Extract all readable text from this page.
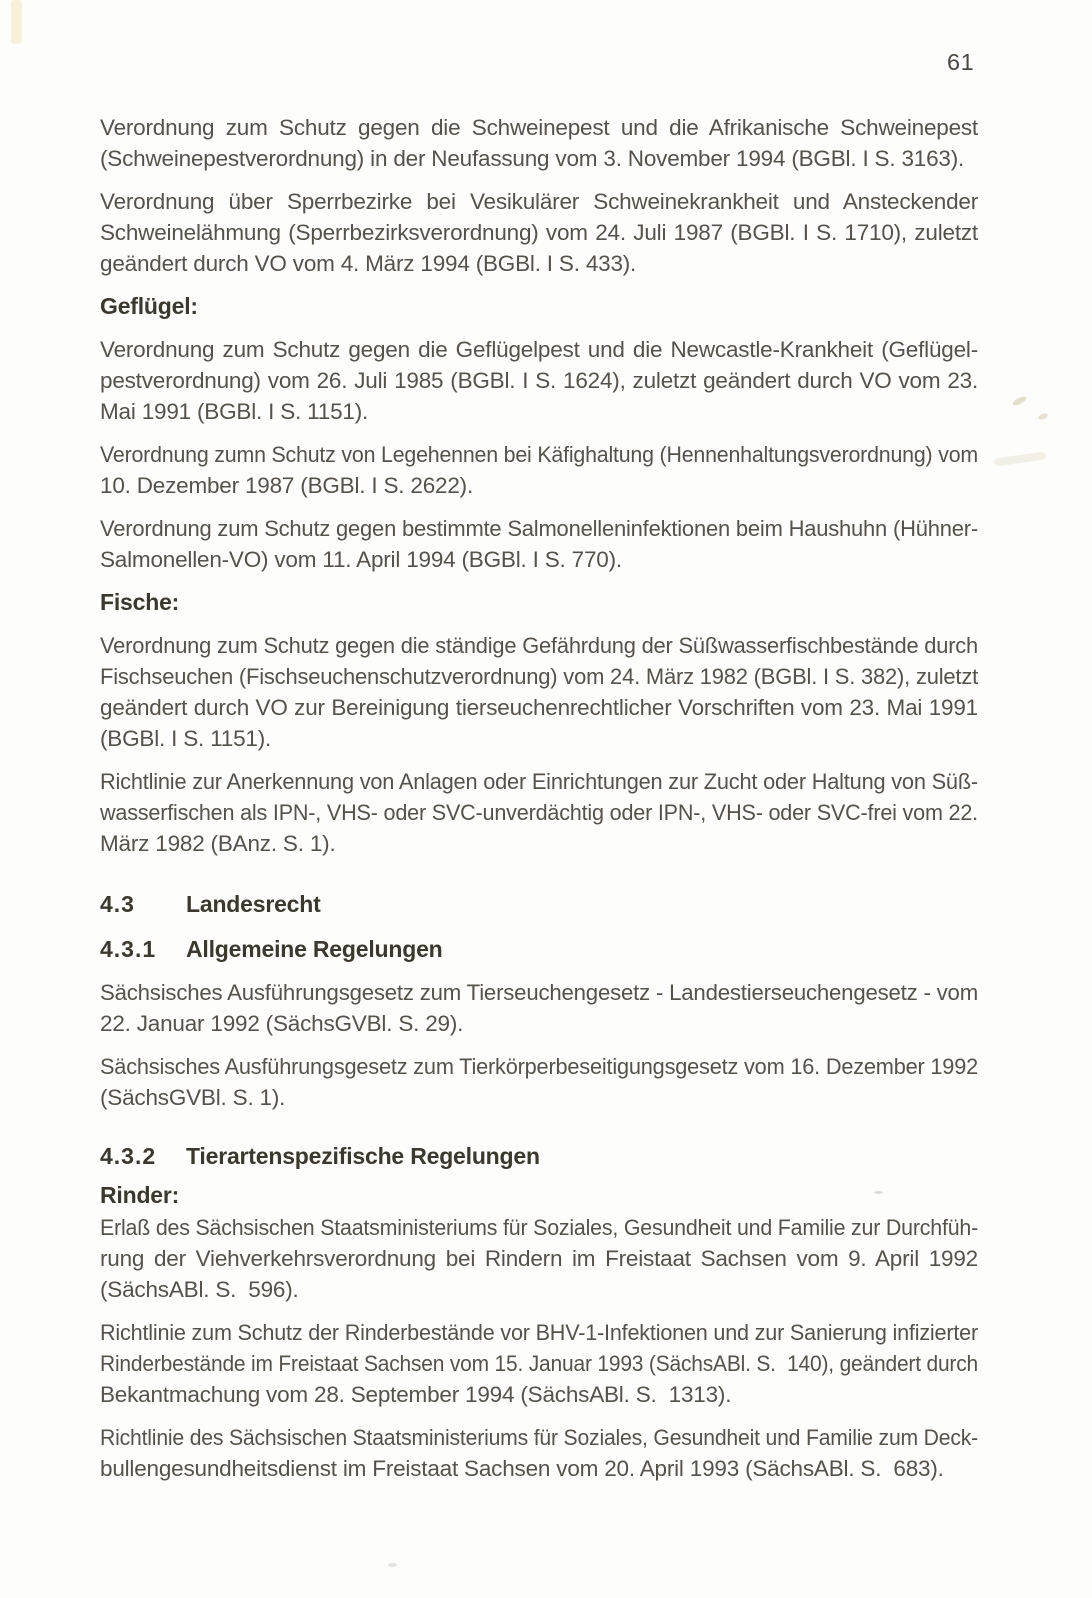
61
Verordnung zum Schutz gegen die Schweinepest und die Afrikanische Schweinepest
(Schweinepestverordnung) in der Neufassung vom 3. November 1994 (BGBl. I S. 3163).
Verordnung über Sperrbezirke bei Vesikulärer Schweinekrankheit und Ansteckender
Schweinelähmung (Sperrbezirksverordnung) vom 24. Juli 1987 (BGBl. I S. 1710), zuletzt
geändert durch VO vom 4. März 1994 (BGBl. I S. 433).
Geflügel:
Verordnung zum Schutz gegen die Geflügelpest und die Newcastle-Krankheit (Geflügel-
pestverordnung) vom 26. Juli 1985 (BGBl. I S. 1624), zuletzt geändert durch VO vom 23.
Mai 1991 (BGBl. I S. 1151).
Verordnung zumn Schutz von Legehennen bei Käfighaltung (Hennenhaltungsverordnung) vom
10. Dezember 1987 (BGBl. I S. 2622).
Verordnung zum Schutz gegen bestimmte Salmonelleninfektionen beim Haushuhn (Hühner-
Salmonellen-VO) vom 11. April 1994 (BGBl. I S. 770).
Fische:
Verordnung zum Schutz gegen die ständige Gefährdung der Süßwasserfischbestände durch
Fischseuchen (Fischseuchenschutzverordnung) vom 24. März 1982 (BGBl. I S. 382), zuletzt
geändert durch VO zur Bereinigung tierseuchenrechtlicher Vorschriften vom 23. Mai 1991
(BGBl. I S. 1151).
Richtlinie zur Anerkennung von Anlagen oder Einrichtungen zur Zucht oder Haltung von Süß-
wasserfischen als IPN-, VHS- oder SVC-unverdächtig oder IPN-, VHS- oder SVC-frei vom 22.
März 1982 (BAnz. S. 1).
4.3 Landesrecht
4.3.1 Allgemeine Regelungen
Sächsisches Ausführungsgesetz zum Tierseuchengesetz - Landestierseuchengesetz - vom
22. Januar 1992 (SächsGVBl. S. 29).
Sächsisches Ausführungsgesetz zum Tierkörperbeseitigungsgesetz vom 16. Dezember 1992
(SächsGVBl. S. 1).
4.3.2 Tierartenspezifische Regelungen
Rinder:
Erlaß des Sächsischen Staatsministeriums für Soziales, Gesundheit und Familie zur Durchfüh-
rung der Viehverkehrsverordnung bei Rindern im Freistaat Sachsen vom 9. April 1992
(SächsABl. S.  596).
Richtlinie zum Schutz der Rinderbestände vor BHV-1-Infektionen und zur Sanierung infizierter
Rinderbestände im Freistaat Sachsen vom 15. Januar 1993 (SächsABl. S.  140), geändert durch
Bekantmachung vom 28. September 1994 (SächsABl. S.  1313).
Richtlinie des Sächsischen Staatsministeriums für Soziales, Gesundheit und Familie zum Deck-
bullengesundheitsdienst im Freistaat Sachsen vom 20. April 1993 (SächsABl. S.  683).
